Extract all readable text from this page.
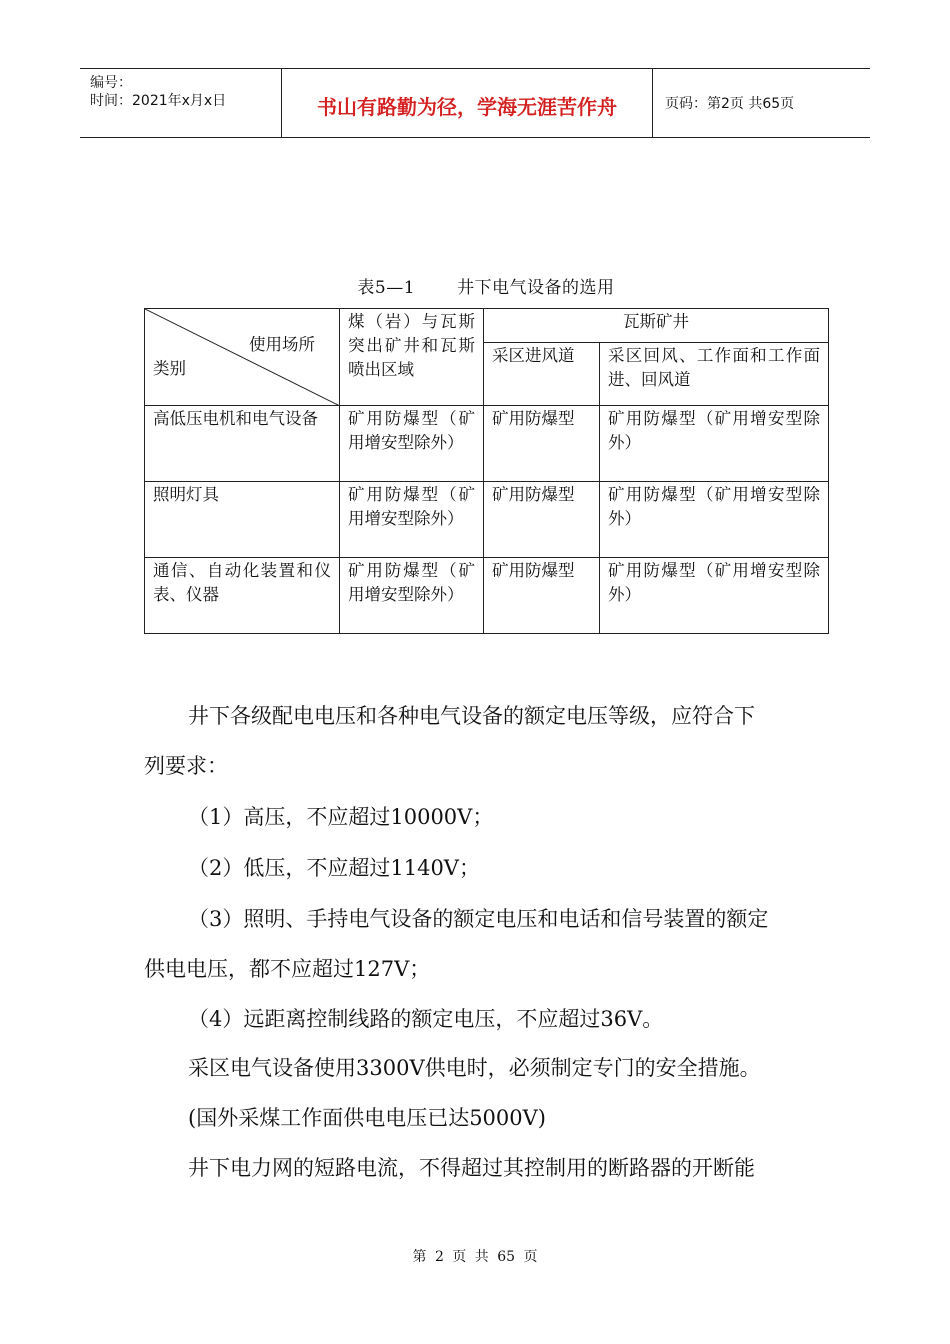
编号：
时间：2021年x月x日	书山有路勤为径，学海无涯苦作舟	页码：第2页 共65页
表5—1 井下电气设备的选用
使用场所
类别	煤（岩）与瓦斯突出矿井和瓦斯喷出区域	瓦斯矿井	
		采区进风道	采区回风、工作面和工作面进、回风道
高低压电机和电气设备	矿用防爆型（矿用增安型除外）	矿用防爆型	矿用防爆型（矿用增安型除外）
照明灯具	矿用防爆型（矿用增安型除外）	矿用防爆型	矿用防爆型（矿用增安型除外）
通信、自动化装置和仪表、仪器	矿用防爆型（矿用增安型除外）	矿用防爆型	矿用防爆型（矿用增安型除外）
井下各级配电电压和各种电气设备的额定电压等级，应符合下
列要求：
（1）高压，不应超过10000V；
（2）低压，不应超过1140V；
（3）照明、手持电气设备的额定电压和电话和信号装置的额定
供电电压，都不应超过127V；
（4）远距离控制线路的额定电压，不应超过36V。
采区电气设备使用3300V供电时，必须制定专门的安全措施。
(国外采煤工作面供电电压已达5000V)
井下电力网的短路电流，不得超过其控制用的断路器的开断能
第 2 页 共 65 页
